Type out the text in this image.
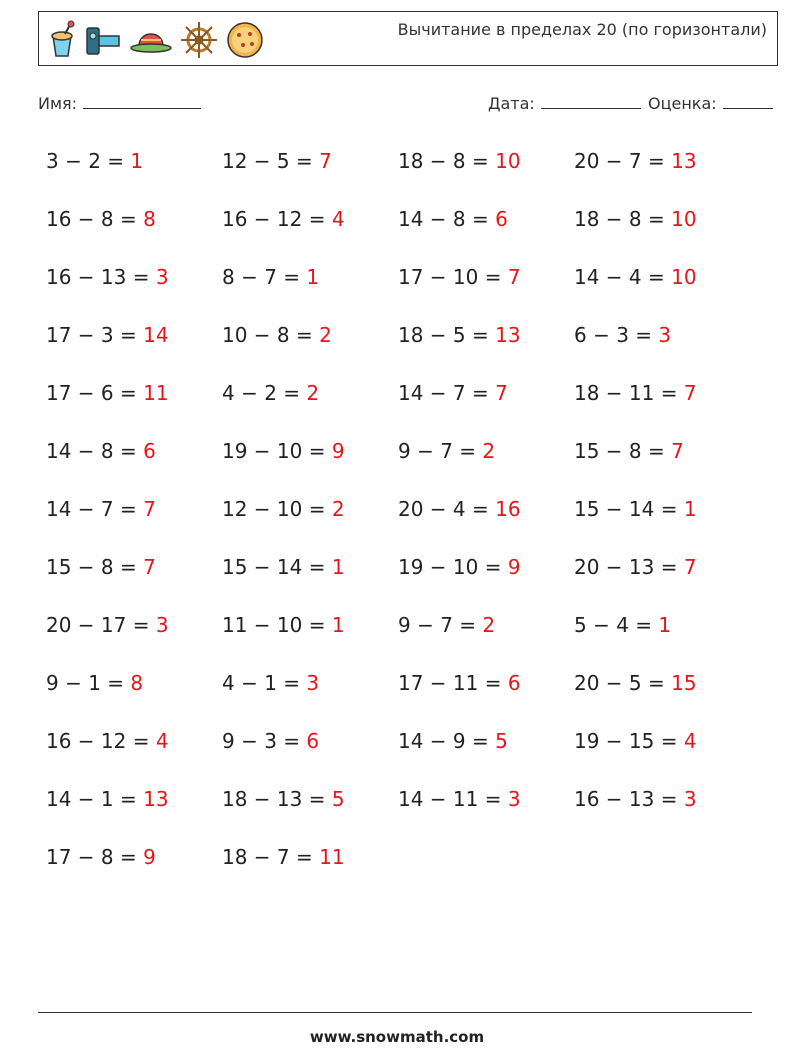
Вычитание в пределах 20 (по горизонтали)
Имя:	Дата:	Оценка:
3 − 2 = 1	12 − 5 = 7	18 − 8 = 10	20 − 7 = 13
16 − 8 = 8	16 − 12 = 4	14 − 8 = 6	18 − 8 = 10
16 − 13 = 3	8 − 7 = 1	17 − 10 = 7	14 − 4 = 10
17 − 3 = 14	10 − 8 = 2	18 − 5 = 13	6 − 3 = 3
17 − 6 = 11	4 − 2 = 2	14 − 7 = 7	18 − 11 = 7
14 − 8 = 6	19 − 10 = 9	9 − 7 = 2	15 − 8 = 7
14 − 7 = 7	12 − 10 = 2	20 − 4 = 16	15 − 14 = 1
15 − 8 = 7	15 − 14 = 1	19 − 10 = 9	20 − 13 = 7
20 − 17 = 3	11 − 10 = 1	9 − 7 = 2	5 − 4 = 1
9 − 1 = 8	4 − 1 = 3	17 − 11 = 6	20 − 5 = 15
16 − 12 = 4	9 − 3 = 6	14 − 9 = 5	19 − 15 = 4
14 − 1 = 13	18 − 13 = 5	14 − 11 = 3	16 − 13 = 3
17 − 8 = 9	18 − 7 = 11
www.snowmath.com
